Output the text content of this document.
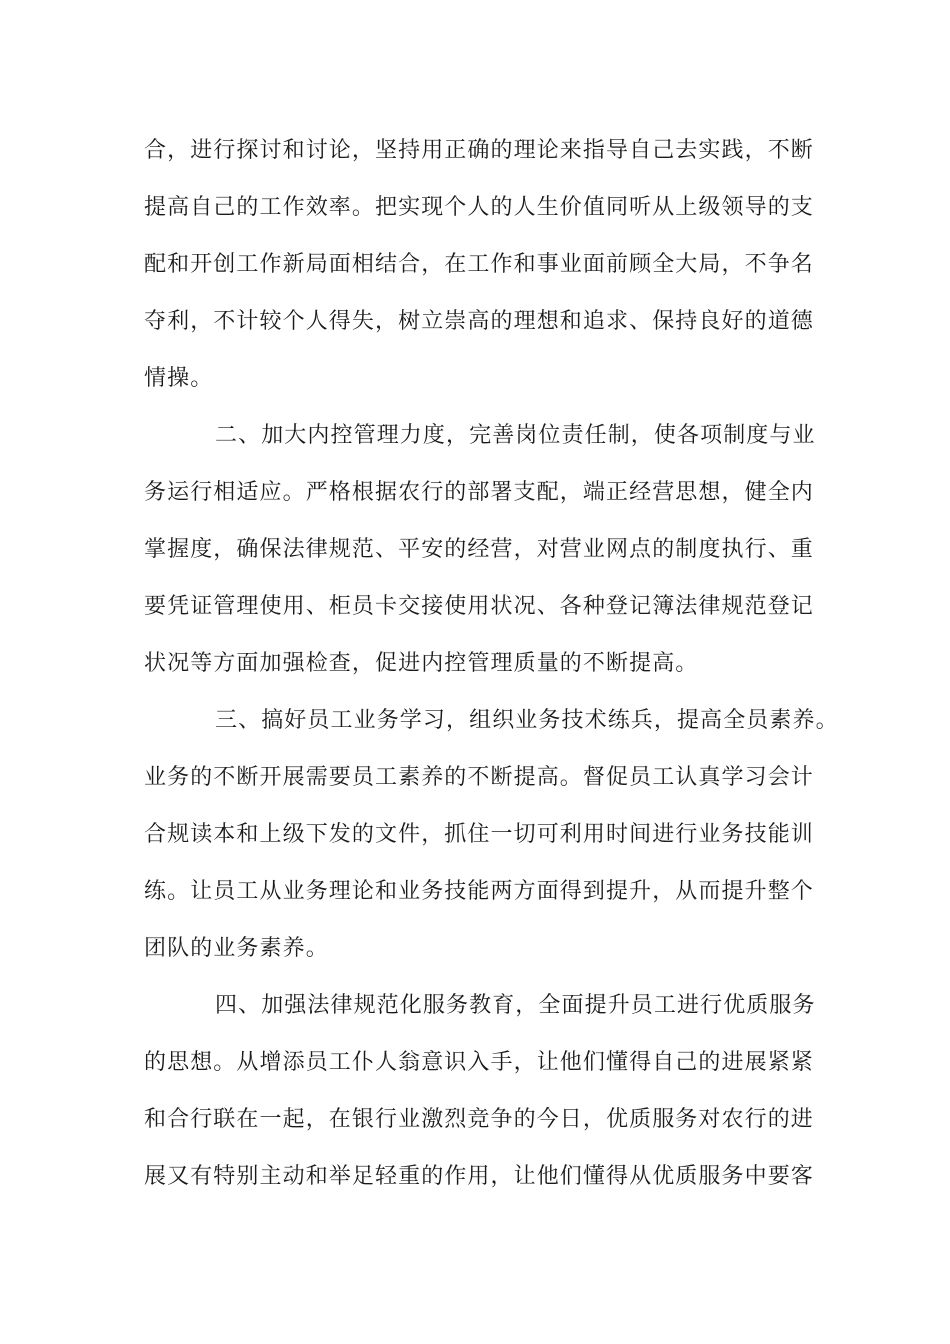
合，进行探讨和讨论，坚持用正确的理论来指导自己去实践，不断
提高自己的工作效率。把实现个人的人生价值同听从上级领导的支
配和开创工作新局面相结合，在工作和事业面前顾全大局，不争名
夺利，不计较个人得失，树立崇高的理想和追求、保持良好的道德
情操。
二、加大内控管理力度，完善岗位责任制，使各项制度与业
务运行相适应。严格根据农行的部署支配，端正经营思想，健全内
掌握度，确保法律规范、平安的经营，对营业网点的制度执行、重
要凭证管理使用、柜员卡交接使用状况、各种登记簿法律规范登记
状况等方面加强检查，促进内控管理质量的不断提高。
三、搞好员工业务学习，组织业务技术练兵，提高全员素养。
业务的不断开展需要员工素养的不断提高。督促员工认真学习会计
合规读本和上级下发的文件，抓住一切可利用时间进行业务技能训
练。让员工从业务理论和业务技能两方面得到提升，从而提升整个
团队的业务素养。
四、加强法律规范化服务教育，全面提升员工进行优质服务
的思想。从增添员工仆人翁意识入手，让他们懂得自己的进展紧紧
和合行联在一起，在银行业激烈竞争的今日，优质服务对农行的进
展又有特别主动和举足轻重的作用，让他们懂得从优质服务中要客
